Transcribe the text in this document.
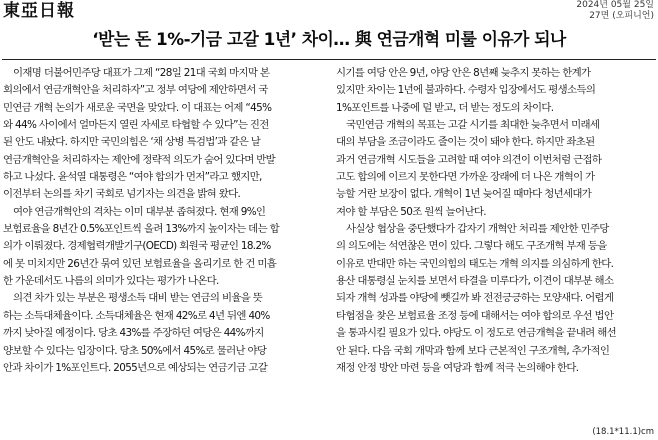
東亞日報	2024년 05월 25일
27면 (오피니언)
‘받는 돈 1%-기금 고갈 1년’ 차이… 與 연금개혁 미룰 이유가 되나
이재명 더불어민주당 대표가 그제 “28일 21대 국회 마지막 본
회의에서 연금개혁안을 처리하자”고 정부 여당에 제안하면서 국
민연금 개혁 논의가 새로운 국면을 맞았다. 이 대표는 어제 “45%
와 44% 사이에서 얼마든지 열린 자세로 타협할 수 있다”는 진전
된 안도 내놨다. 하지만 국민의힘은 ‘채 상병 특검법’과 같은 날
연금개혁안을 처리하자는 제안에 정략적 의도가 숨어 있다며 반발
하고 나섰다. 윤석열 대통령은 “여야 합의가 먼저”라고 했지만,
이전부터 논의를 차기 국회로 넘기자는 의견을 밝혀 왔다.
여야 연금개혁안의 격차는 이미 대부분 좁혀졌다. 현재 9%인
보험료율을 8년간 0.5%포인트씩 올려 13%까지 높이자는 데는 합
의가 이뤄졌다. 경제협력개발기구(OECD) 회원국 평균인 18.2%
에 못 미치지만 26년간 묶여 있던 보험료율을 올리기로 한 건 미흡
한 가운데서도 나름의 의미가 있다는 평가가 나온다.
의견 차가 있는 부분은 평생소득 대비 받는 연금의 비율을 뜻
하는 소득대체율이다. 소득대체율은 현재 42%로 4년 뒤엔 40%
까지 낮아질 예정이다. 당초 43%를 주장하던 여당은 44%까지
양보할 수 있다는 입장이다. 당초 50%에서 45%로 물러난 야당
안과 차이가 1%포인트다. 2055년으로 예상되는 연금기금 고갈
시기를 여당 안은 9년, 야당 안은 8년째 늦추지 못하는 한계가
있지만 차이는 1년에 불과하다. 수령자 입장에서도 평생소득의
1%포인트를 나중에 덜 받고, 더 받는 정도의 차이다.
국민연금 개혁의 목표는 고갈 시기를 최대한 늦추면서 미래세
대의 부담을 조금이라도 줄이는 것이 돼야 한다. 하지만 좌초된
과거 연금개혁 시도들을 고려할 때 여야 의견이 이번처럼 근접하
고도 합의에 이르지 못한다면 가까운 장래에 더 나은 개혁이 가
능할 거란 보장이 없다. 개혁이 1년 늦어질 때마다 청년세대가
져야 할 부담은 50조 원씩 늘어난다.
사실상 협상을 중단했다가 갑자기 개혁안 처리를 제안한 민주당
의 의도에는 석연찮은 면이 있다. 그렇다 해도 구조개혁 부재 등을
이유로 반대만 하는 국민의힘의 태도는 개혁 의지를 의심하게 한다.
용산 대통령실 눈치를 보면서 타결을 미루다가, 이견이 대부분 해소
되자 개혁 성과를 야당에 뺏길까 봐 전전긍긍하는 모양새다. 어렵게
타협점을 찾은 보험료율 조정 등에 대해서는 여야 합의로 우선 법안
을 통과시킬 필요가 있다. 야당도 이 정도로 연금개혁을 끝내려 해선
안 된다. 다음 국회 개막과 함께 보다 근본적인 구조개혁, 추가적인
재정 안정 방안 마련 등을 여당과 함께 적극 논의해야 한다.
(18.1*11.1)cm
